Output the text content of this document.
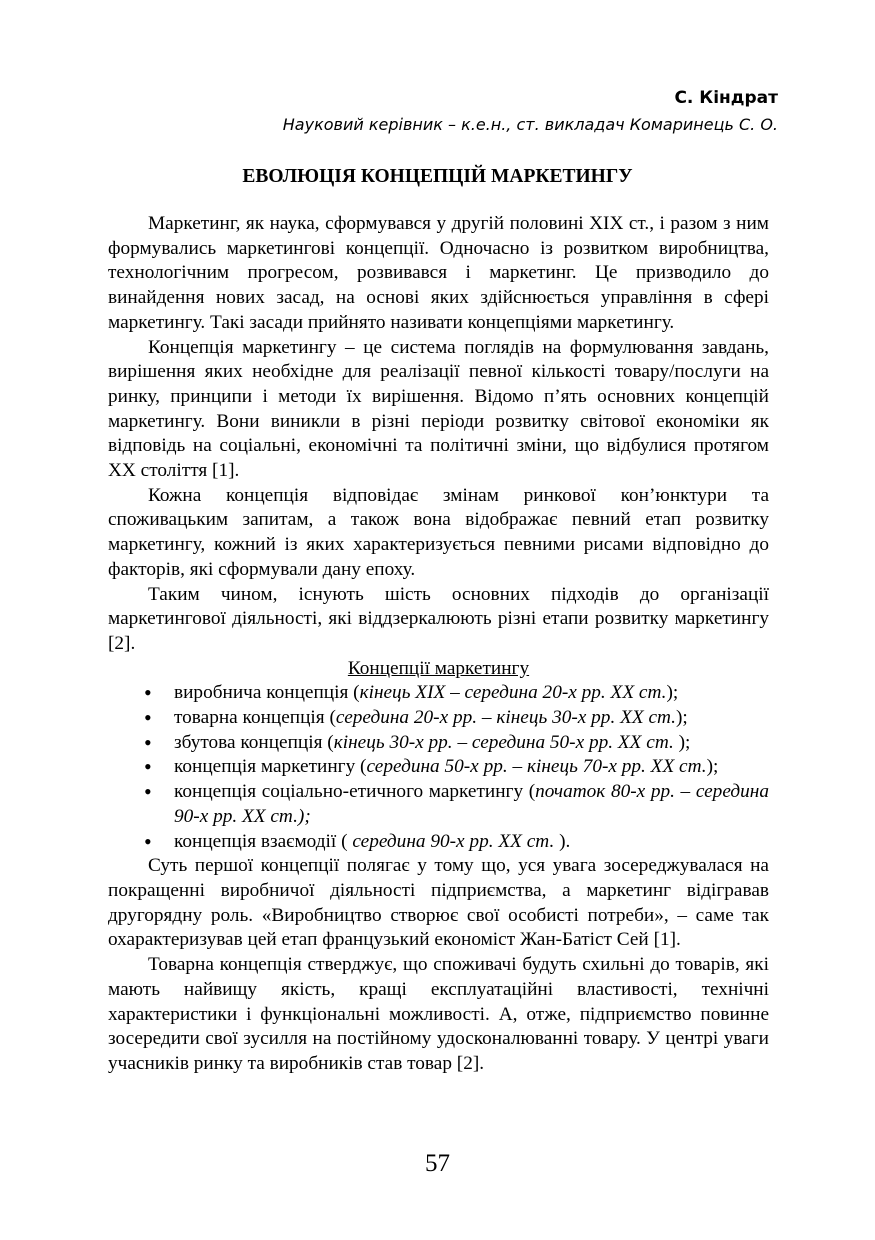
С. Кіндрат
Науковий керівник – к.е.н., ст. викладач Комаринець С. О.
ЕВОЛЮЦІЯ КОНЦЕПЦІЙ МАРКЕТИНГУ

Маркетинг, як наука, сформувався у другій половині XIX ст., і разом з ним формувались маркетингові концепції. Одночасно із розвитком виробництва, технологічним прогресом, розвивався і маркетинг. Це призводило до винайдення нових засад, на основі яких здійснюється управління в сфері маркетингу. Такі засади прийнято називати концепціями маркетингу.

Концепція маркетингу – це система поглядів на формулювання завдань, вирішення яких необхідне для реалізації певної кількості товару/послуги на ринку, принципи і методи їх вирішення. Відомо п’ять основних концепцій маркетингу. Вони виникли в різні періоди розвитку світової економіки як відповідь на соціальні, економічні та політичні зміни, що відбулися протягом XX століття [1].

Кожна концепція відповідає змінам ринкової кон’юнктури та споживацьким запитам, а також вона відображає певний етап розвитку маркетингу, кожний із яких характеризується певними рисами відповідно до факторів, які сформували дану епоху.

Таким чином, існують шість основних підходів до організації маркетингової діяльності, які віддзеркалюють різні етапи розвитку маркетингу [2].

Концепції маркетингу
• виробнича концепція (кінець XIX – середина 20-х рр. XX ст.);
• товарна концепція (середина 20-х рр. – кінець 30-х рр. XX ст.);
• збутова концепція (кінець 30-х рр. – середина 50-х рр. XX ст. );
• концепція маркетингу (середина 50-х рр. – кінець 70-х рр. XX ст.);
• концепція соціально-етичного маркетингу (початок 80-х рр. – середина 90-х рр. XX ст.);
• концепція взаємодії ( середина 90-х рр. XX ст. ).

Суть першої концепції полягає у тому що, уся увага зосереджувалася на покращенні виробничої діяльності підприємства, а маркетинг відігравав другорядну роль. «Виробництво створює свої особисті потреби», – саме так охарактеризував цей етап французький економіст Жан-Батіст Сей [1].

Товарна концепція стверджує, що споживачі будуть схильні до товарів, які мають найвищу якість, кращі експлуатаційні властивості, технічні характеристики і функціональні можливості. А, отже, підприємство повинне зосередити свої зусилля на постійному удосконалюванні товару. У центрі уваги учасників ринку та виробників став товар [2].

57
